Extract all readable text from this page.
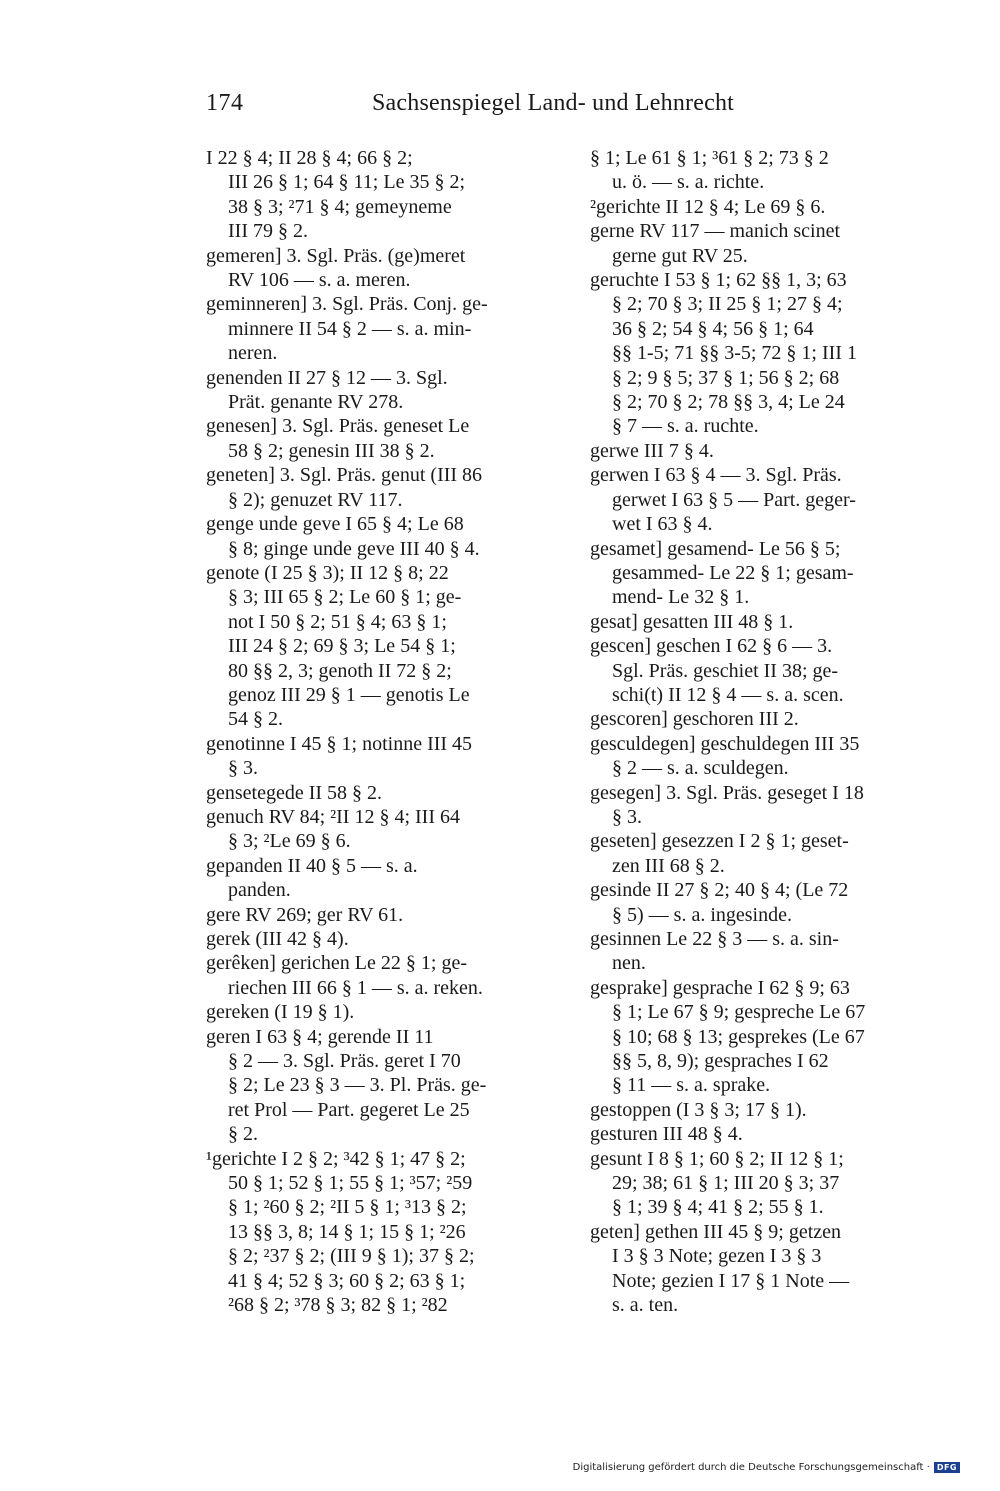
174	Sachsenspiegel Land- und Lehnrecht
I 22 § 4; II 28 § 4; 66 § 2;
III 26 § 1; 64 § 11; Le 35 § 2;
38 § 3; ²71 § 4; gemeyneme
III 79 § 2.
gemeren] 3. Sgl. Präs. (ge)meret
RV 106 — s. a. meren.
geminneren] 3. Sgl. Präs. Conj. ge-
minnere II 54 § 2 — s. a. min-
neren.
genenden II 27 § 12 — 3. Sgl.
Prät. genante RV 278.
genesen] 3. Sgl. Präs. geneset Le
58 § 2; genesin III 38 § 2.
geneten] 3. Sgl. Präs. genut (III 86
§ 2); genuzet RV 117.
genge unde geve I 65 § 4; Le 68
§ 8; ginge unde geve III 40 § 4.
genote (I 25 § 3); II 12 § 8; 22
§ 3; III 65 § 2; Le 60 § 1; ge-
not I 50 § 2; 51 § 4; 63 § 1;
III 24 § 2; 69 § 3; Le 54 § 1;
80 §§ 2, 3; genoth II 72 § 2;
genoz III 29 § 1 — genotis Le
54 § 2.
genotinne I 45 § 1; notinne III 45
§ 3.
gensetegede II 58 § 2.
genuch RV 84; ²II 12 § 4; III 64
§ 3; ²Le 69 § 6.
gepanden II 40 § 5 — s. a.
panden.
gere RV 269; ger RV 61.
gerek (III 42 § 4).
gerêken] gerichen Le 22 § 1; ge-
riechen III 66 § 1 — s. a. reken.
gereken (I 19 § 1).
geren I 63 § 4; gerende II 11
§ 2 — 3. Sgl. Präs. geret I 70
§ 2; Le 23 § 3 — 3. Pl. Präs. ge-
ret Prol — Part. gegeret Le 25
§ 2.
¹gerichte I 2 § 2; ³42 § 1; 47 § 2;
50 § 1; 52 § 1; 55 § 1; ³57; ²59
§ 1; ²60 § 2; ²II 5 § 1; ³13 § 2;
13 §§ 3, 8; 14 § 1; 15 § 1; ²26
§ 2; ²37 § 2; (III 9 § 1); 37 § 2;
41 § 4; 52 § 3; 60 § 2; 63 § 1;
²68 § 2; ³78 § 3; 82 § 1; ²82
§ 1; Le 61 § 1; ³61 § 2; 73 § 2
u. ö. — s. a. richte.
²gerichte II 12 § 4; Le 69 § 6.
gerne RV 117 — manich scinet
gerne gut RV 25.
geruchte I 53 § 1; 62 §§ 1, 3; 63
§ 2; 70 § 3; II 25 § 1; 27 § 4;
36 § 2; 54 § 4; 56 § 1; 64
§§ 1-5; 71 §§ 3-5; 72 § 1; III 1
§ 2; 9 § 5; 37 § 1; 56 § 2; 68
§ 2; 70 § 2; 78 §§ 3, 4; Le 24
§ 7 — s. a. ruchte.
gerwe III 7 § 4.
gerwen I 63 § 4 — 3. Sgl. Präs.
gerwet I 63 § 5 — Part. geger-
wet I 63 § 4.
gesamet] gesamend- Le 56 § 5;
gesammed- Le 22 § 1; gesam-
mend- Le 32 § 1.
gesat] gesatten III 48 § 1.
gescen] geschen I 62 § 6 — 3.
Sgl. Präs. geschiet II 38; ge-
schi(t) II 12 § 4 — s. a. scen.
gescoren] geschoren III 2.
gesculdegen] geschuldegen III 35
§ 2 — s. a. sculdegen.
gesegen] 3. Sgl. Präs. geseget I 18
§ 3.
geseten] gesezzen I 2 § 1; geset-
zen III 68 § 2.
gesinde II 27 § 2; 40 § 4; (Le 72
§ 5) — s. a. ingesinde.
gesinnen Le 22 § 3 — s. a. sin-
nen.
gesprake] gesprache I 62 § 9; 63
§ 1; Le 67 § 9; gespreche Le 67
§ 10; 68 § 13; gesprekes (Le 67
§§ 5, 8, 9); gespraches I 62
§ 11 — s. a. sprake.
gestoppen (I 3 § 3; 17 § 1).
gesturen III 48 § 4.
gesunt I 8 § 1; 60 § 2; II 12 § 1;
29; 38; 61 § 1; III 20 § 3; 37
§ 1; 39 § 4; 41 § 2; 55 § 1.
geten] gethen III 45 § 9; getzen
I 3 § 3 Note; gezen I 3 § 3
Note; gezien I 17 § 1 Note —
s. a. ten.
Digitalisierung gefördert durch die Deutsche Forschungsgemeinschaft · DFG
